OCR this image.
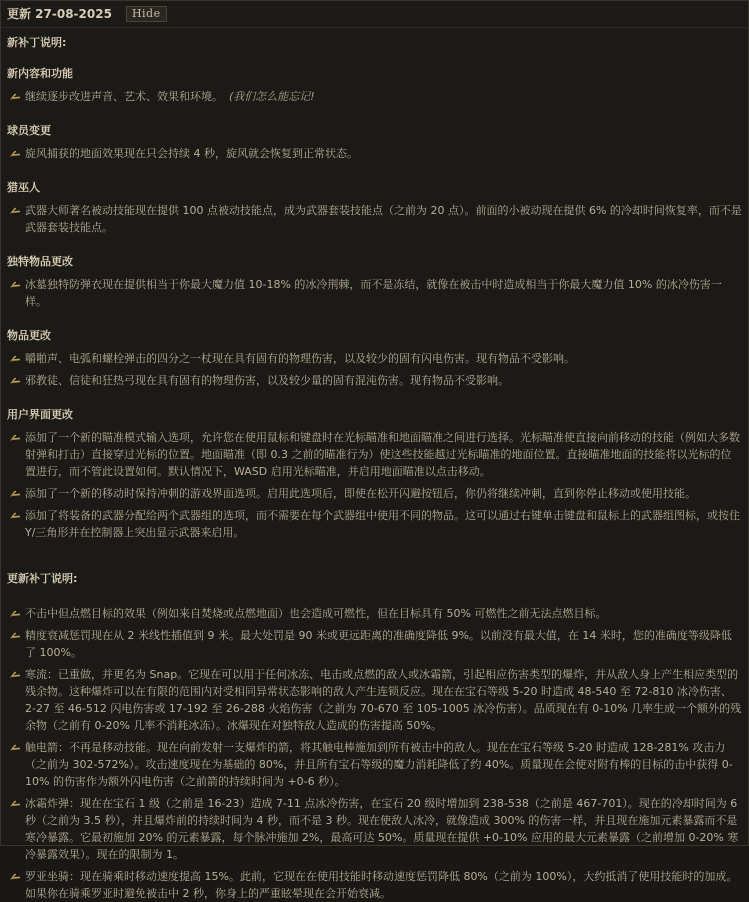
更新 27-08-2025	Hide
新补丁说明:
新内容和功能
继续逐步改进声音、艺术、效果和环境。 (我们怎么能忘记!
球员变更
旋风捕获的地面效果现在只会持续 4 秒，旋风就会恢复到正常状态。
猎巫人
武器大师著名被动技能现在提供 100 点被动技能点，成为武器套装技能点（之前为 20 点）。前面的小被动现在提供 6% 的冷却时间恢复率，而不是武器套装技能点。
独特物品更改
冰墓独特防弹衣现在提供相当于你最大魔力值 10-18% 的冰冷荆棘，而不是冻结，就像在被击中时造成相当于你最大魔力值 10% 的冰冷伤害一样。
物品更改
嚼啪声、电弧和螺栓弹击的四分之一杖现在具有固有的物理伤害，以及较少的固有闪电伤害。现有物品不受影响。
邪教徒、信徒和狂热弓现在具有固有的物理伤害，以及较少量的固有混沌伤害。现有物品不受影响。
用户界面更改
添加了一个新的瞄准模式输入选项，允许您在使用鼠标和键盘时在光标瞄准和地面瞄准之间进行选择。光标瞄准使直接向前移动的技能（例如大多数射弹和打击）直接穿过光标的位置。地面瞄准（即 0.3 之前的瞄准行为）使这些技能越过光标瞄准的地面位置。直接瞄准地面的技能将以光标的位置进行，而不管此设置如何。默认情况下，WASD 启用光标瞄准，并启用地面瞄准以点击移动。
添加了一个新的移动时保持冲刺的游戏界面选项。启用此选项后，即使在松开闪避按钮后，你仍将继续冲刺，直到你停止移动或使用技能。
添加了将装备的武器分配给两个武器组的选项，而不需要在每个武器组中使用不同的物品。这可以通过右键单击键盘和鼠标上的武器组图标，或按住 Y/三角形并在控制器上突出显示武器来启用。
更新补丁说明:
不击中但点燃目标的效果（例如来自焚烧或点燃地面）也会造成可燃性，但在目标具有 50% 可燃性之前无法点燃目标。
精度衰减惩罚现在从 2 米线性插值到 9 米。最大处罚是 90 米或更远距离的准确度降低 9%。以前没有最大值，在 14 米时，您的准确度等级降低了 100%。
寒流：已重做，并更名为 Snap。它现在可以用于任何冰冻、电击或点燃的敌人或冰霜箭，引起相应伤害类型的爆炸，并从敌人身上产生相应类型的残余物。这种爆炸可以在有限的范围内对受相同异常状态影响的敌人产生连锁反应。现在在宝石等级 5-20 时造成 48-540 至 72-810 冰冷伤害、2-27 至 46-512 闪电伤害或 17-192 至 26-288 火焰伤害（之前为 70-670 至 105-1005 冰冷伤害）。品质现在有 0-10% 几率生成一个额外的残余物（之前有 0-20% 几率不消耗冰冻）。冰爆现在对独特敌人造成的伤害提高 50%。
触电箭：不再是移动技能。现在向前发射一支爆炸的箭，将其触电棒施加到所有被击中的敌人。现在在宝石等级 5-20 时造成 128-281% 攻击力（之前为 302-572%）。攻击速度现在为基础的 80%，并且所有宝石等级的魔力消耗降低了约 40%。质量现在会使对附有棒的目标的击中获得 0-10% 的伤害作为额外闪电伤害（之前箭的持续时间为 +0-6 秒）。
冰霜炸弹：现在在宝石 1 级（之前是 16-23）造成 7-11 点冰冷伤害，在宝石 20 级时增加到 238-538（之前是 467-701）。现在的冷却时间为 6 秒（之前为 3.5 秒），并且爆炸前的持续时间为 4 秒，而不是 3 秒。现在使敌人冰冷，就像造成 300% 的伤害一样，并且现在施加元素暴露而不是寒冷暴露。它最初施加 20% 的元素暴露，每个脉冲施加 2%，最高可达 50%。质量现在提供 +0-10% 应用的最大元素暴露（之前增加 0-20% 寒冷暴露效果）。现在的限制为 1。
罗亚坐骑：现在骑乘时移动速度提高 15%。此前，它现在在使用技能时移动速度惩罚降低 80%（之前为 100%），大约抵消了使用技能时的加成。如果你在骑乘罗亚时避免被击中 2 秒，你身上的严重眩晕现在会开始衰减。
